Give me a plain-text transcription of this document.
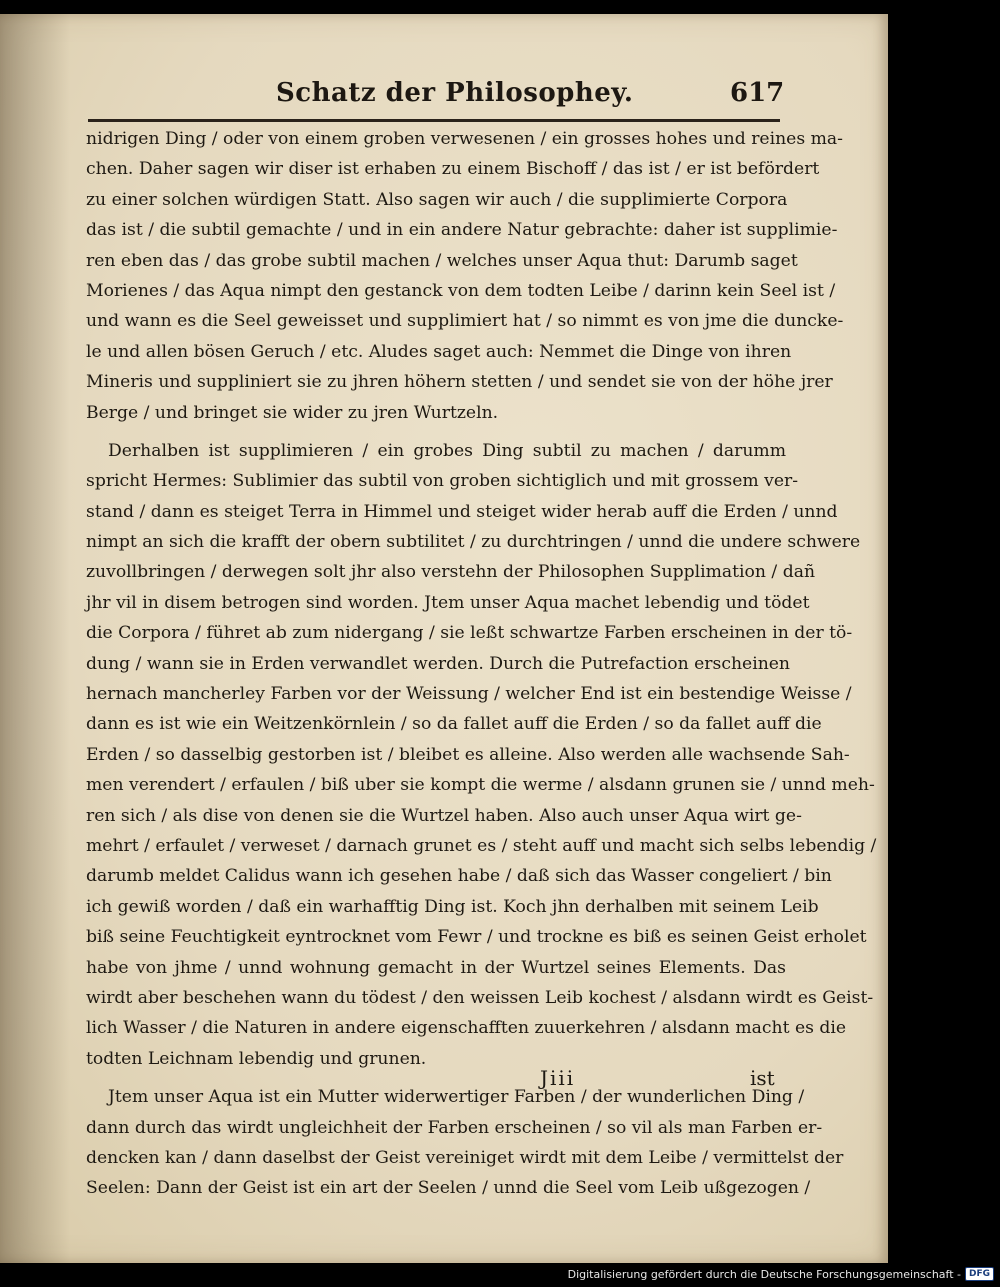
Schatz der Philosophey.	617
nidrigen Ding / oder von einem groben verwesenen / ein grosses hohes und reines ma-
chen. Daher sagen wir diser ist erhaben zu einem Bischoff / das ist / er ist befördert
zu einer solchen würdigen Statt. Also sagen wir auch / die supplimierte Corpora
das ist / die subtil gemachte / und in ein andere Natur gebrachte: daher ist supplimie-
ren eben das / das grobe subtil machen / welches unser Aqua thut: Darumb saget
Morienes / das Aqua nimpt den gestanck von dem todten Leibe / darinn kein Seel ist /
und wann es die Seel geweisset und supplimiert hat / so nimmt es von jme die duncke-
le und allen bösen Geruch / etc. Aludes saget auch: Nemmet die Dinge von ihren
Mineris und suppliniert sie zu jhren höhern stetten / und sendet sie von der höhe jrer
Berge / und bringet sie wider zu jren Wurtzeln.
Derhalben ist supplimieren / ein grobes Ding subtil zu machen / darumm
spricht Hermes: Sublimier das subtil von groben sichtiglich und mit grossem ver-
stand / dann es steiget Terra in Himmel und steiget wider herab auff die Erden / unnd
nimpt an sich die krafft der obern subtilitet / zu durchtringen / unnd die undere schwere
zuvollbringen / derwegen solt jhr also verstehn der Philosophen Supplimation / dañ
jhr vil in disem betrogen sind worden. Jtem unser Aqua machet lebendig und tödet
die Corpora / führet ab zum nidergang / sie leßt schwartze Farben erscheinen in der tö-
dung / wann sie in Erden verwandlet werden. Durch die Putrefaction erscheinen
hernach mancherley Farben vor der Weissung / welcher End ist ein bestendige Weisse /
dann es ist wie ein Weitzenkörnlein / so da fallet auff die Erden / so da fallet auff die
Erden / so dasselbig gestorben ist / bleibet es alleine. Also werden alle wachsende Sah-
men verendert / erfaulen / biß uber sie kompt die werme / alsdann grunen sie / unnd meh-
ren sich / als dise von denen sie die Wurtzel haben. Also auch unser Aqua wirt ge-
mehrt / erfaulet / verweset / darnach grunet es / steht auff und macht sich selbs lebendig /
darumb meldet Calidus wann ich gesehen habe / daß sich das Wasser congeliert / bin
ich gewiß worden / daß ein warhafftig Ding ist. Koch jhn derhalben mit seinem Leib
biß seine Feuchtigkeit eyntrocknet vom Fewr / und trockne es biß es seinen Geist erholet
habe von jhme / unnd wohnung gemacht in der Wurtzel seines Elements. Das
wirdt aber beschehen wann du tödest / den weissen Leib kochest / alsdann wirdt es Geist-
lich Wasser / die Naturen in andere eigenschafften zuuerkehren / alsdann macht es die
todten Leichnam lebendig und grunen.
Jtem unser Aqua ist ein Mutter widerwertiger Farben / der wunderlichen Ding /
dann durch das wirdt ungleichheit der Farben erscheinen / so vil als man Farben er-
dencken kan / dann daselbst der Geist vereiniget wirdt mit dem Leibe / vermittelst der
Seelen: Dann der Geist ist ein art der Seelen / unnd die Seel vom Leib ußgezogen /
Jiii	ist
Digitalisierung gefördert durch die Deutsche Forschungsgemeinschaft - DFG
